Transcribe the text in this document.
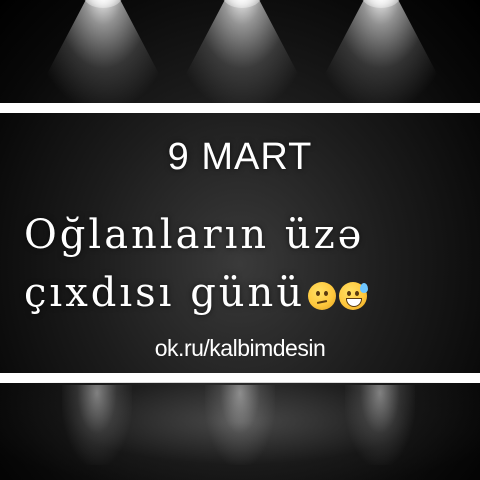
9 MART
Oğlanların üzə
çıxdısı günü
ok.ru/kalbimdesin
